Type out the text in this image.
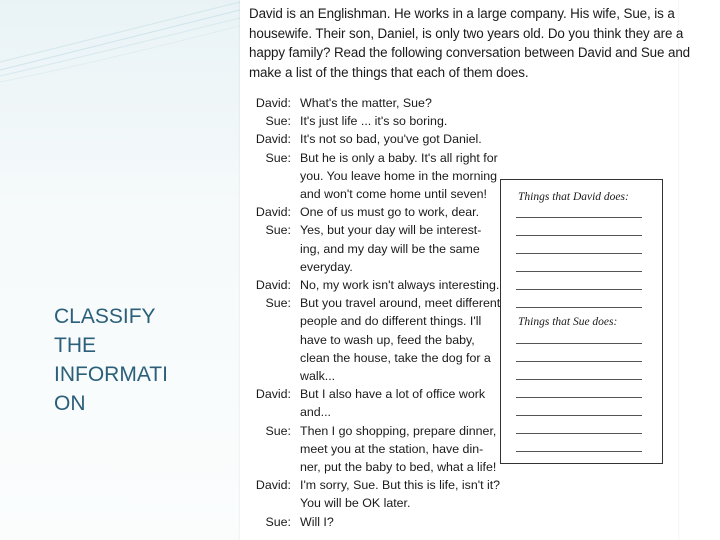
CLASSIFY
THE
INFORMATI
ON
David is an Englishman. He works in a large company. His wife, Sue, is a
housewife. Their son, Daniel, is only two years old. Do you think they are a
happy family? Read the following conversation between David and Sue and
make a list of the things that each of them does.
David: What's the matter, Sue?
Sue: It's just life ... it's so boring.
David: It's not so bad, you've got Daniel.
Sue: But he is only a baby. It's all right for
you. You leave home in the morning
and won't come home until seven!
David: One of us must go to work, dear.
Sue: Yes, but your day will be interest-
ing, and my day will be the same
everyday.
David: No, my work isn't always interesting.
Sue: But you travel around, meet different
people and do different things. I'll
have to wash up, feed the baby,
clean the house, take the dog for a
walk...
David: But I also have a lot of office work
and...
Sue: Then I go shopping, prepare dinner,
meet you at the station, have din-
ner, put the baby to bed, what a life!
David: I'm sorry, Sue. But this is life, isn't it?
You will be OK later.
Sue: Will I?
Things that David does:
Things that Sue does:
